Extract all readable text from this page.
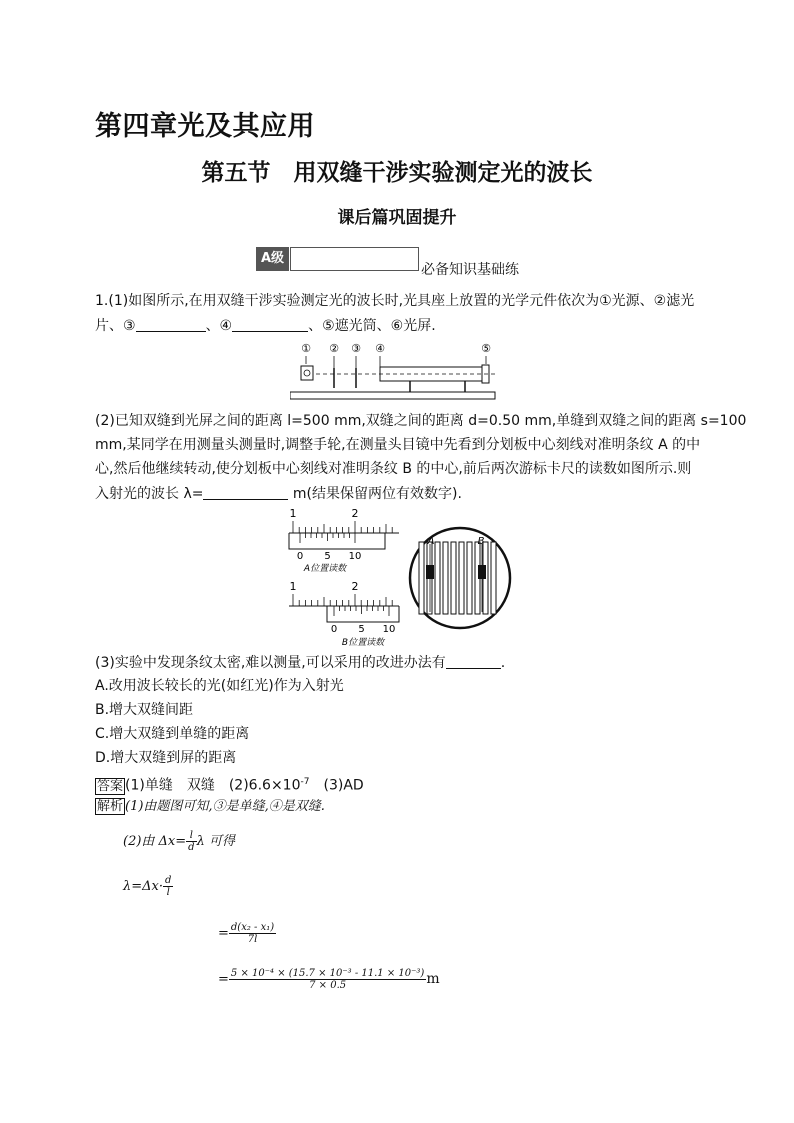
第四章光及其应用
第五节　用双缝干涉实验测定光的波长
课后篇巩固提升
A级
必备知识基础练
1.(1)如图所示,在用双缝干涉实验测定光的波长时,光具座上放置的光学元件依次为①光源、②滤光
片、③	、④	、⑤遮光筒、⑥光屏.
① ② ③ ④	⑤
(2)已知双缝到光屏之间的距离 l=500 mm,双缝之间的距离 d=0.50 mm,单缝到双缝之间的距离 s=100
mm,某同学在用测量头测量时,调整手轮,在测量头目镜中先看到分划板中心刻线对准明条纹 A 的中
心,然后他继续转动,使分划板中心刻线对准明条纹 B 的中心,前后两次游标卡尺的读数如图所示.则
入射光的波长 λ=	m(结果保留两位有效数字).
1	2
0 5 10
A位置读数
A	B
1	2
0 5 10
B位置读数
(3)实验中发现条纹太密,难以测量,可以采用的改进办法有	.
A.改用波长较长的光(如红光)作为入射光
B.增大双缝间距
C.增大双缝到单缝的距离
D.增大双缝到屏的距离
答案 (1)单缝　双缝　$(2)6.6\times 10^{-7}$　(3)AD
解析 (1)由题图可知,③是单缝,④是双缝.
(2)由 $\Delta x= \frac{l}{d}$ λ 可得
$\lambda=\Delta x\cdot \frac{d}{l}$
= $\frac{\text{d(x₂ - x₁)}}{7l}$
= $\frac{\text{5 × 10⁻⁴ × (15.7 × 10⁻³ - 11.1 × 10⁻³)}}{7 \times 0.5}$ m
